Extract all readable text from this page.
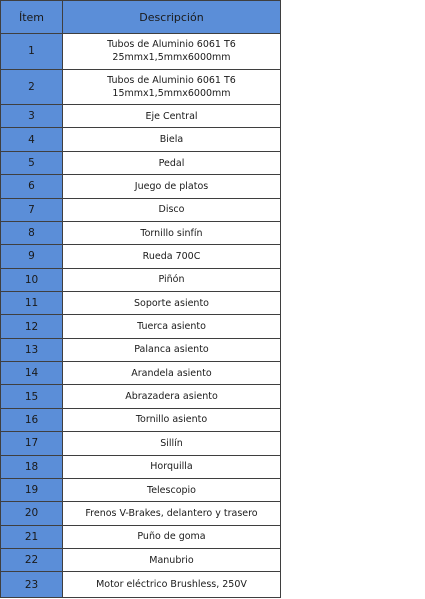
Ítem	Descripción
1	Tubos de Aluminio 6061 T6
25mmx1,5mmx6000mm

2	Tubos de Aluminio 6061 T6
15mmx1,5mmx6000mm

3	Eje Central

4	Biela

5	Pedal

6	Juego de platos

7	Disco

8	Tornillo sinfín

9	Rueda 700C

10	Piñón

11	Soporte asiento

12	Tuerca asiento

13	Palanca asiento

14	Arandela asiento

15	Abrazadera asiento

16	Tornillo asiento

17	Sillín

18	Horquilla

19	Telescopio

20	Frenos V-Brakes, delantero y trasero

21	Puño de goma

22	Manubrio

23	Motor eléctrico Brushless, 250V
